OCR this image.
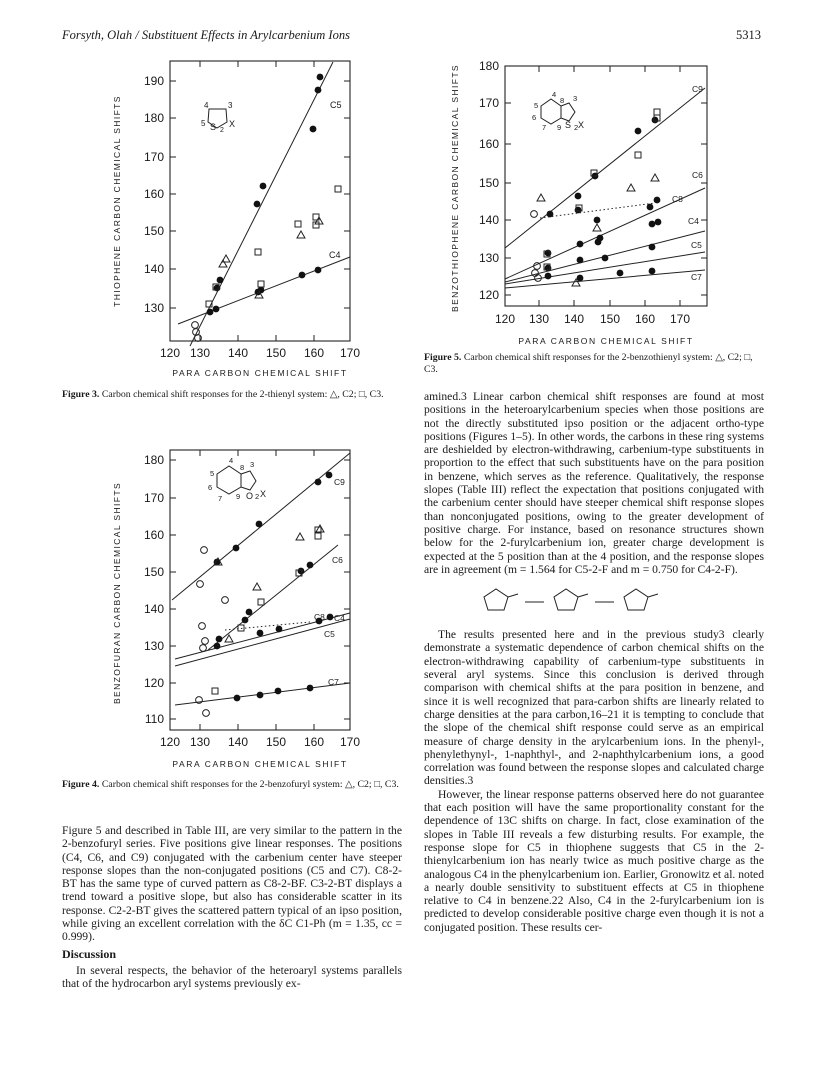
Forsyth, Olah / Substituent Effects in Arylcarbenium Ions	5313
190
180
170
160
150
140
130
120 130 140 150 160 170
PARA CARBON CHEMICAL SHIFT
THIOPHENE CARBON CHEMICAL SHIFTS	4 3
5 S 2
X
C5
C4
Figure 3. Carbon chemical shift responses for the 2-thienyl system: △, C2; □, C3.
180
170
160
150
140
130
120
110
120 130 140 150 160 170
PARA CARBON CHEMICAL SHIFT
BENZOFURAN CARBON CHEMICAL SHIFTS
4
8 3
5
6
7 9 O 2 X
C9
C6
C8 C4
C5
C7
Figure 4. Carbon chemical shift responses for the 2-benzofuryl system: △, C2; □, C3.
180
170
160
150
140
130
120
120 130 140 150 160 170
PARA CARBON CHEMICAL SHIFT
BENZOTHIOPHENE CARBON CHEMICAL SHIFTS	4
8 3
5
6
7 9 S 2 X
C9
C6
C8
C4
C5
C7
Figure 5. Carbon chemical shift responses for the 2-benzothienyl system: △, C2; □, C3.

Figure 5 and described in Table III, are very similar to the pattern in the 2-benzofuryl series. Five positions give linear responses. The positions (C4, C6, and C9) conjugated with the carbenium center have steeper response slopes than the non-conjugated positions (C5 and C7). C8-2-BT has the same type of curved pattern as C8-2-BF. C3-2-BT displays a trend toward a positive slope, but also has considerable scatter in its response. C2-2-BT gives the scattered pattern typical of an ipso position, while giving an excellent correlation with the δC C1-Ph (m = 1.35, cc = 0.999).

Discussion

In several respects, the behavior of the heteroaryl systems parallels that of the hydrocarbon aryl systems previously ex-

amined.3 Linear carbon chemical shift responses are found at most positions in the heteroarylcarbenium species when those positions are not the directly substituted ipso position or the adjacent ortho-type positions (Figures 1–5). In other words, the carbons in these ring systems are deshielded by electron-withdrawing, carbenium-type substituents in proportion to the effect that such substituents have on the para position in benzene, which serves as the reference. Qualitatively, the response slopes (Table III) reflect the expectation that positions conjugated with the carbenium center should have steeper chemical shift response slopes than nonconjugated positions, owing to the greater development of positive charge. For instance, based on resonance structures shown below for the 2-furylcarbenium ion, greater charge development is expected at the 5 position than at the 4 position, and the response slopes are in agreement (m = 1.564 for C5-2-F and m = 0.750 for C4-2-F).

The results presented here and in the previous study3 clearly demonstrate a systematic dependence of carbon chemical shifts on the electron-withdrawing capability of carbenium-type substituents in several aryl systems. Since this conclusion is derived through comparison with chemical shifts at the para position in benzene, and since it is well recognized that para-carbon shifts are linearly related to charge densities at the para carbon,16–21 it is tempting to conclude that the slope of the chemical shift response could serve as an empirical measure of charge density in the arylcarbenium ions. In the phenyl-, phenylethynyl-, 1-naphthyl-, and 2-naphthylcarbenium ions, a good correlation was found between the response slopes and calculated charge densities.3

However, the linear response patterns observed here do not guarantee that each position will have the same proportionality constant for the dependence of 13C shifts on charge. In fact, close examination of the slopes in Table III reveals a few disturbing results. For example, the response slope for C5 in thiophene suggests that C5 in the 2-thienylcarbenium ion has nearly twice as much positive charge as the analogous C4 in the phenylcarbenium ion. Earlier, Gronowitz et al. noted a nearly double sensitivity to substituent effects at C5 in thiophene relative to C4 in benzene.22 Also, C4 in the 2-furylcarbenium ion is predicted to develop considerable positive charge even though it is not a conjugated position. These results cer-
